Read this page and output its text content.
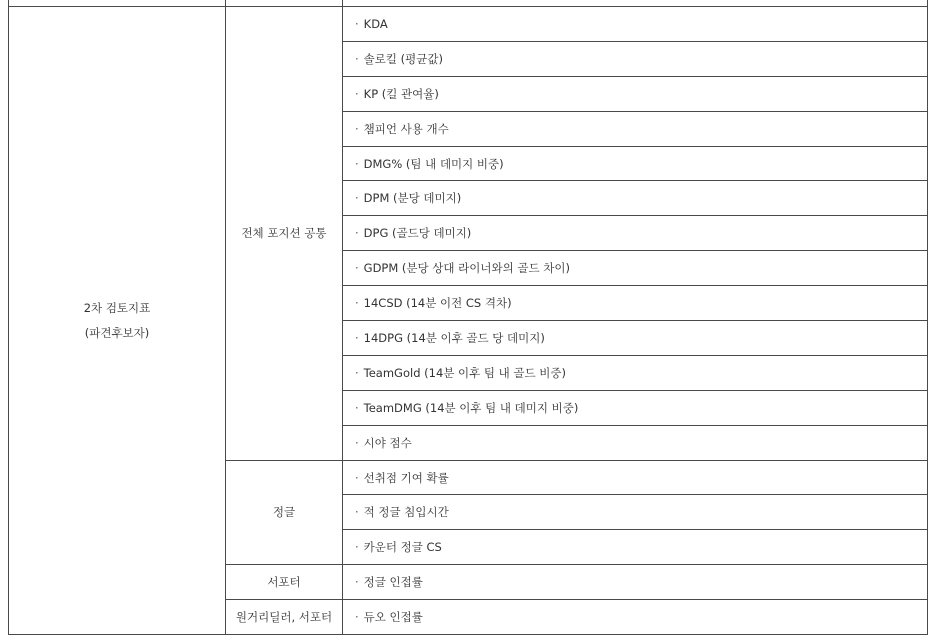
2차 검토지표
(파견후보자)	전체 포지션 공통	· KDA
		· 솔로킬 (평균값)
		· KP (킬 관여율)
		· 챔피언 사용 개수
		· DMG% (팀 내 데미지 비중)
		· DPM (분당 데미지)
		· DPG (골드당 데미지)
		· GDPM (분당 상대 라이너와의 골드 차이)
		· 14CSD (14분 이전 CS 격차)
		· 14DPG (14분 이후 골드 당 데미지)
		· TeamGold (14분 이후 팀 내 골드 비중)
		· TeamDMG (14분 이후 팀 내 데미지 비중)
		· 시야 점수
	정글	· 선취점 기여 확률
		· 적 정글 침입시간
		· 카운터 정글 CS
	서포터	· 정글 인접률
	원거리딜러, 서포터	· 듀오 인접률
